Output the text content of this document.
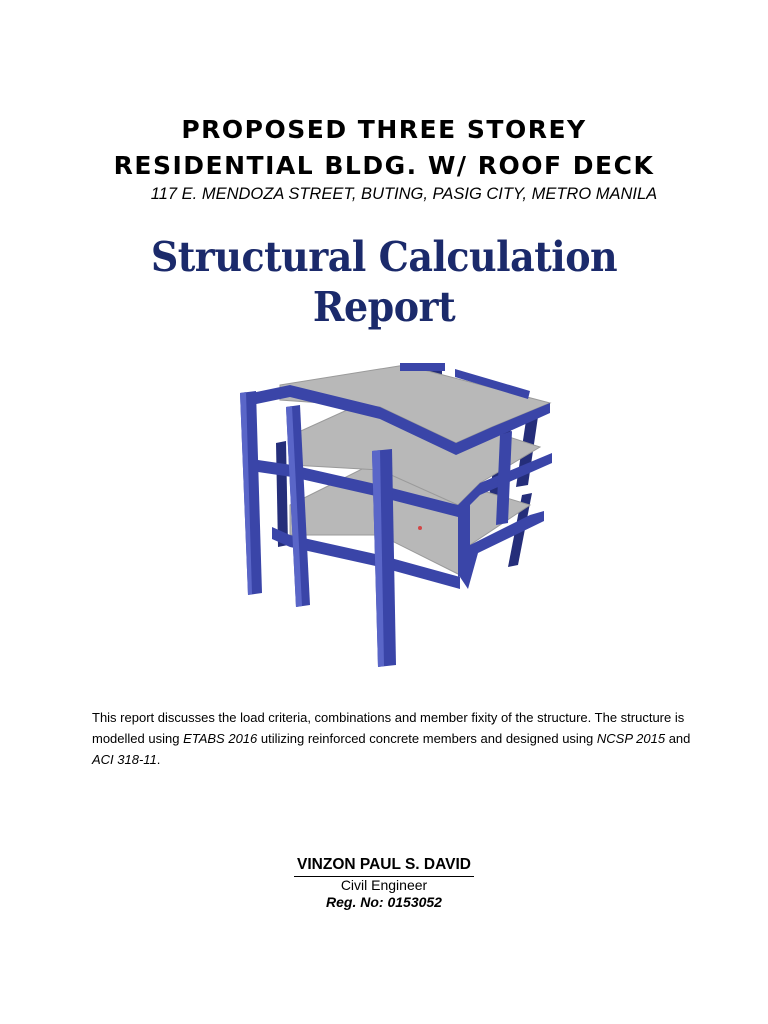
PROPOSED THREE STOREY
RESIDENTIAL BLDG. W/ ROOF DECK
117 E. MENDOZA STREET, BUTING, PASIG CITY, METRO MANILA
Structural Calculation
Report
This report discusses the load criteria, combinations and member fixity of the structure. The structure is modelled using ETABS 2016 utilizing reinforced concrete members and designed using NCSP 2015 and ACI 318-11.
VINZON PAUL S. DAVID
Civil Engineer
Reg. No: 0153052
